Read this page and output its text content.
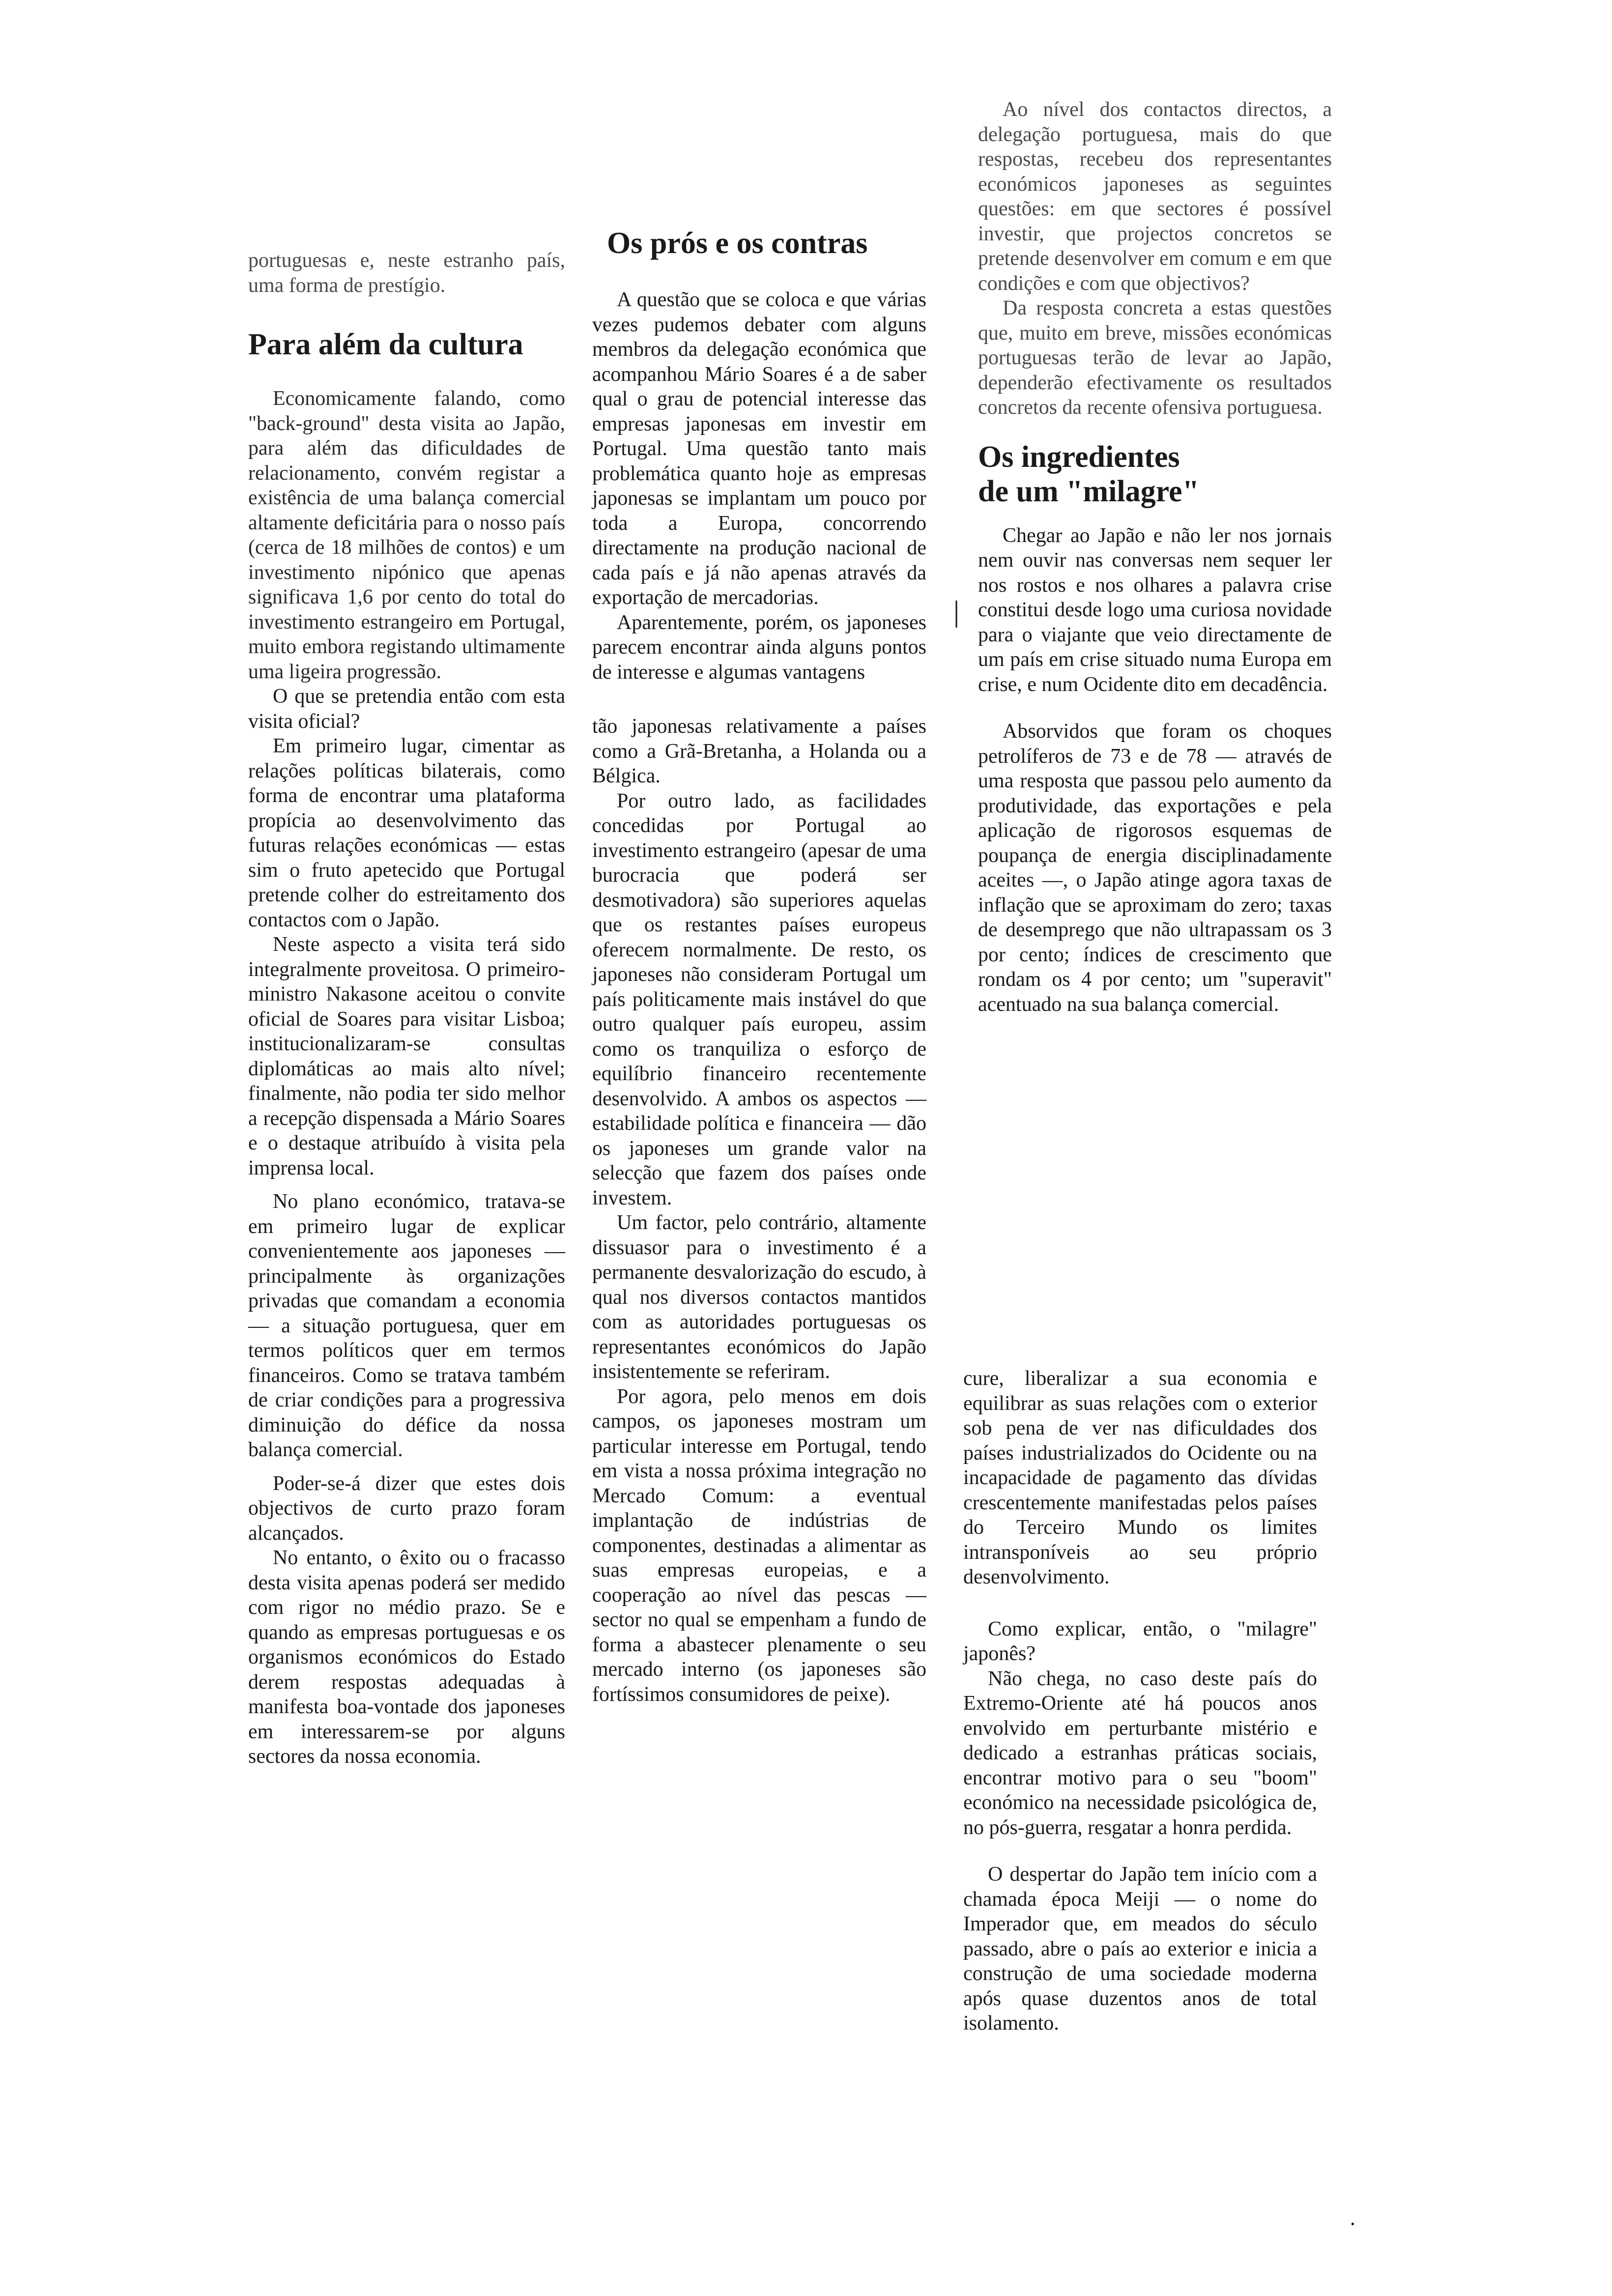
portuguesas e, neste estranho país, uma forma de prestígio.

Para além da cultura

Economicamente falando, como "back-ground" desta visita ao Japão, para além das dificuldades de relacionamento, convém registar a existência de uma balança comercial altamente deficitária para o nosso país (cerca de 18 milhões de contos) e um investimento nipónico que apenas significava 1,6 por cento do total do investimento estrangeiro em Portugal, muito embora registando ultimamente uma ligeira progressão.

O que se pretendia então com esta visita oficial?

Em primeiro lugar, cimentar as relações políticas bilaterais, como forma de encontrar uma plataforma propícia ao desenvolvimento das futuras relações económicas — estas sim o fruto apetecido que Portugal pretende colher do estreitamento dos contactos com o Japão.

Neste aspecto a visita terá sido integralmente proveitosa. O primeiro-ministro Nakasone aceitou o convite oficial de Soares para visitar Lisboa; institucionalizaram-se consultas diplomáticas ao mais alto nível; finalmente, não podia ter sido melhor a recepção dispensada a Mário Soares e o destaque atribuído à visita pela imprensa local.

No plano económico, tratava-se em primeiro lugar de explicar convenientemente aos japoneses — principalmente às organizações privadas que comandam a economia — a situação portuguesa, quer em termos políticos quer em termos financeiros. Como se tratava também de criar condições para a progressiva diminuição do défice da nossa balança comercial.

Poder-se-á dizer que estes dois objectivos de curto prazo foram alcançados.

No entanto, o êxito ou o fracasso desta visita apenas poderá ser medido com rigor no médio prazo. Se e quando as empresas portuguesas e os organismos económicos do Estado derem respostas adequadas à manifesta boa-vontade dos japoneses em interessarem-se por alguns sectores da nossa economia.

Os prós e os contras

A questão que se coloca e que várias vezes pudemos debater com alguns membros da delegação económica que acompanhou Mário Soares é a de saber qual o grau de potencial interesse das empresas japonesas em investir em Portugal. Uma questão tanto mais problemática quanto hoje as empresas japonesas se implantam um pouco por toda a Europa, concorrendo directamente na produção nacional de cada país e já não apenas através da exportação de mercadorias.

Aparentemente, porém, os japoneses parecem encontrar ainda alguns pontos de interesse e algumas vantagens

tão japonesas relativamente a países como a Grã-Bretanha, a Holanda ou a Bélgica.

Por outro lado, as facilidades concedidas por Portugal ao investimento estrangeiro (apesar de uma burocracia que poderá ser desmotivadora) são superiores aquelas que os restantes países europeus oferecem normalmente. De resto, os japoneses não consideram Portugal um país politicamente mais instável do que outro qualquer país europeu, assim como os tranquiliza o esforço de equilíbrio financeiro recentemente desenvolvido. A ambos os aspectos — estabilidade política e financeira — dão os japoneses um grande valor na selecção que fazem dos países onde investem.

Um factor, pelo contrário, altamente dissuasor para o investimento é a permanente desvalorização do escudo, à qual nos diversos contactos mantidos com as autoridades portuguesas os representantes económicos do Japão insistentemente se referiram.

Por agora, pelo menos em dois campos, os japoneses mostram um particular interesse em Portugal, tendo em vista a nossa próxima integração no Mercado Comum: a eventual implantação de indústrias de componentes, destinadas a alimentar as suas empresas europeias, e a cooperação ao nível das pescas — sector no qual se empenham a fundo de forma a abastecer plenamente o seu mercado interno (os japoneses são fortíssimos consumidores de peixe).

Ao nível dos contactos directos, a delegação portuguesa, mais do que respostas, recebeu dos representantes económicos japoneses as seguintes questões: em que sectores é possível investir, que projectos concretos se pretende desenvolver em comum e em que condições e com que objectivos?

Da resposta concreta a estas questões que, muito em breve, missões económicas portuguesas terão de levar ao Japão, dependerão efectivamente os resultados concretos da recente ofensiva portuguesa.

Os ingredientes
de um "milagre"

Chegar ao Japão e não ler nos jornais nem ouvir nas conversas nem sequer ler nos rostos e nos olhares a palavra crise constitui desde logo uma curiosa novidade para o viajante que veio directamente de um país em crise situado numa Europa em crise, e num Ocidente dito em decadência.

Absorvidos que foram os choques petrolíferos de 73 e de 78 — através de uma resposta que passou pelo aumento da produtividade, das exportações e pela aplicação de rigorosos esquemas de poupança de energia disciplinadamente aceites —, o Japão atinge agora taxas de inflação que se aproximam do zero; taxas de desemprego que não ultrapassam os 3 por cento; índices de crescimento que rondam os 4 por cento; um "superavit" acentuado na sua balança comercial.

cure, liberalizar a sua economia e equilibrar as suas relações com o exterior sob pena de ver nas dificuldades dos países industrializados do Ocidente ou na incapacidade de pagamento das dívidas crescentemente manifestadas pelos países do Terceiro Mundo os limites intransponíveis ao seu próprio desenvolvimento.

Como explicar, então, o "milagre" japonês?

Não chega, no caso deste país do Extremo-Oriente até há poucos anos envolvido em perturbante mistério e dedicado a estranhas práticas sociais, encontrar motivo para o seu "boom" económico na necessidade psicológica de, no pós-guerra, resgatar a honra perdida.

O despertar do Japão tem início com a chamada época Meiji — o nome do Imperador que, em meados do século passado, abre o país ao exterior e inicia a construção de uma sociedade moderna após quase duzentos anos de total isolamento.

·
|
